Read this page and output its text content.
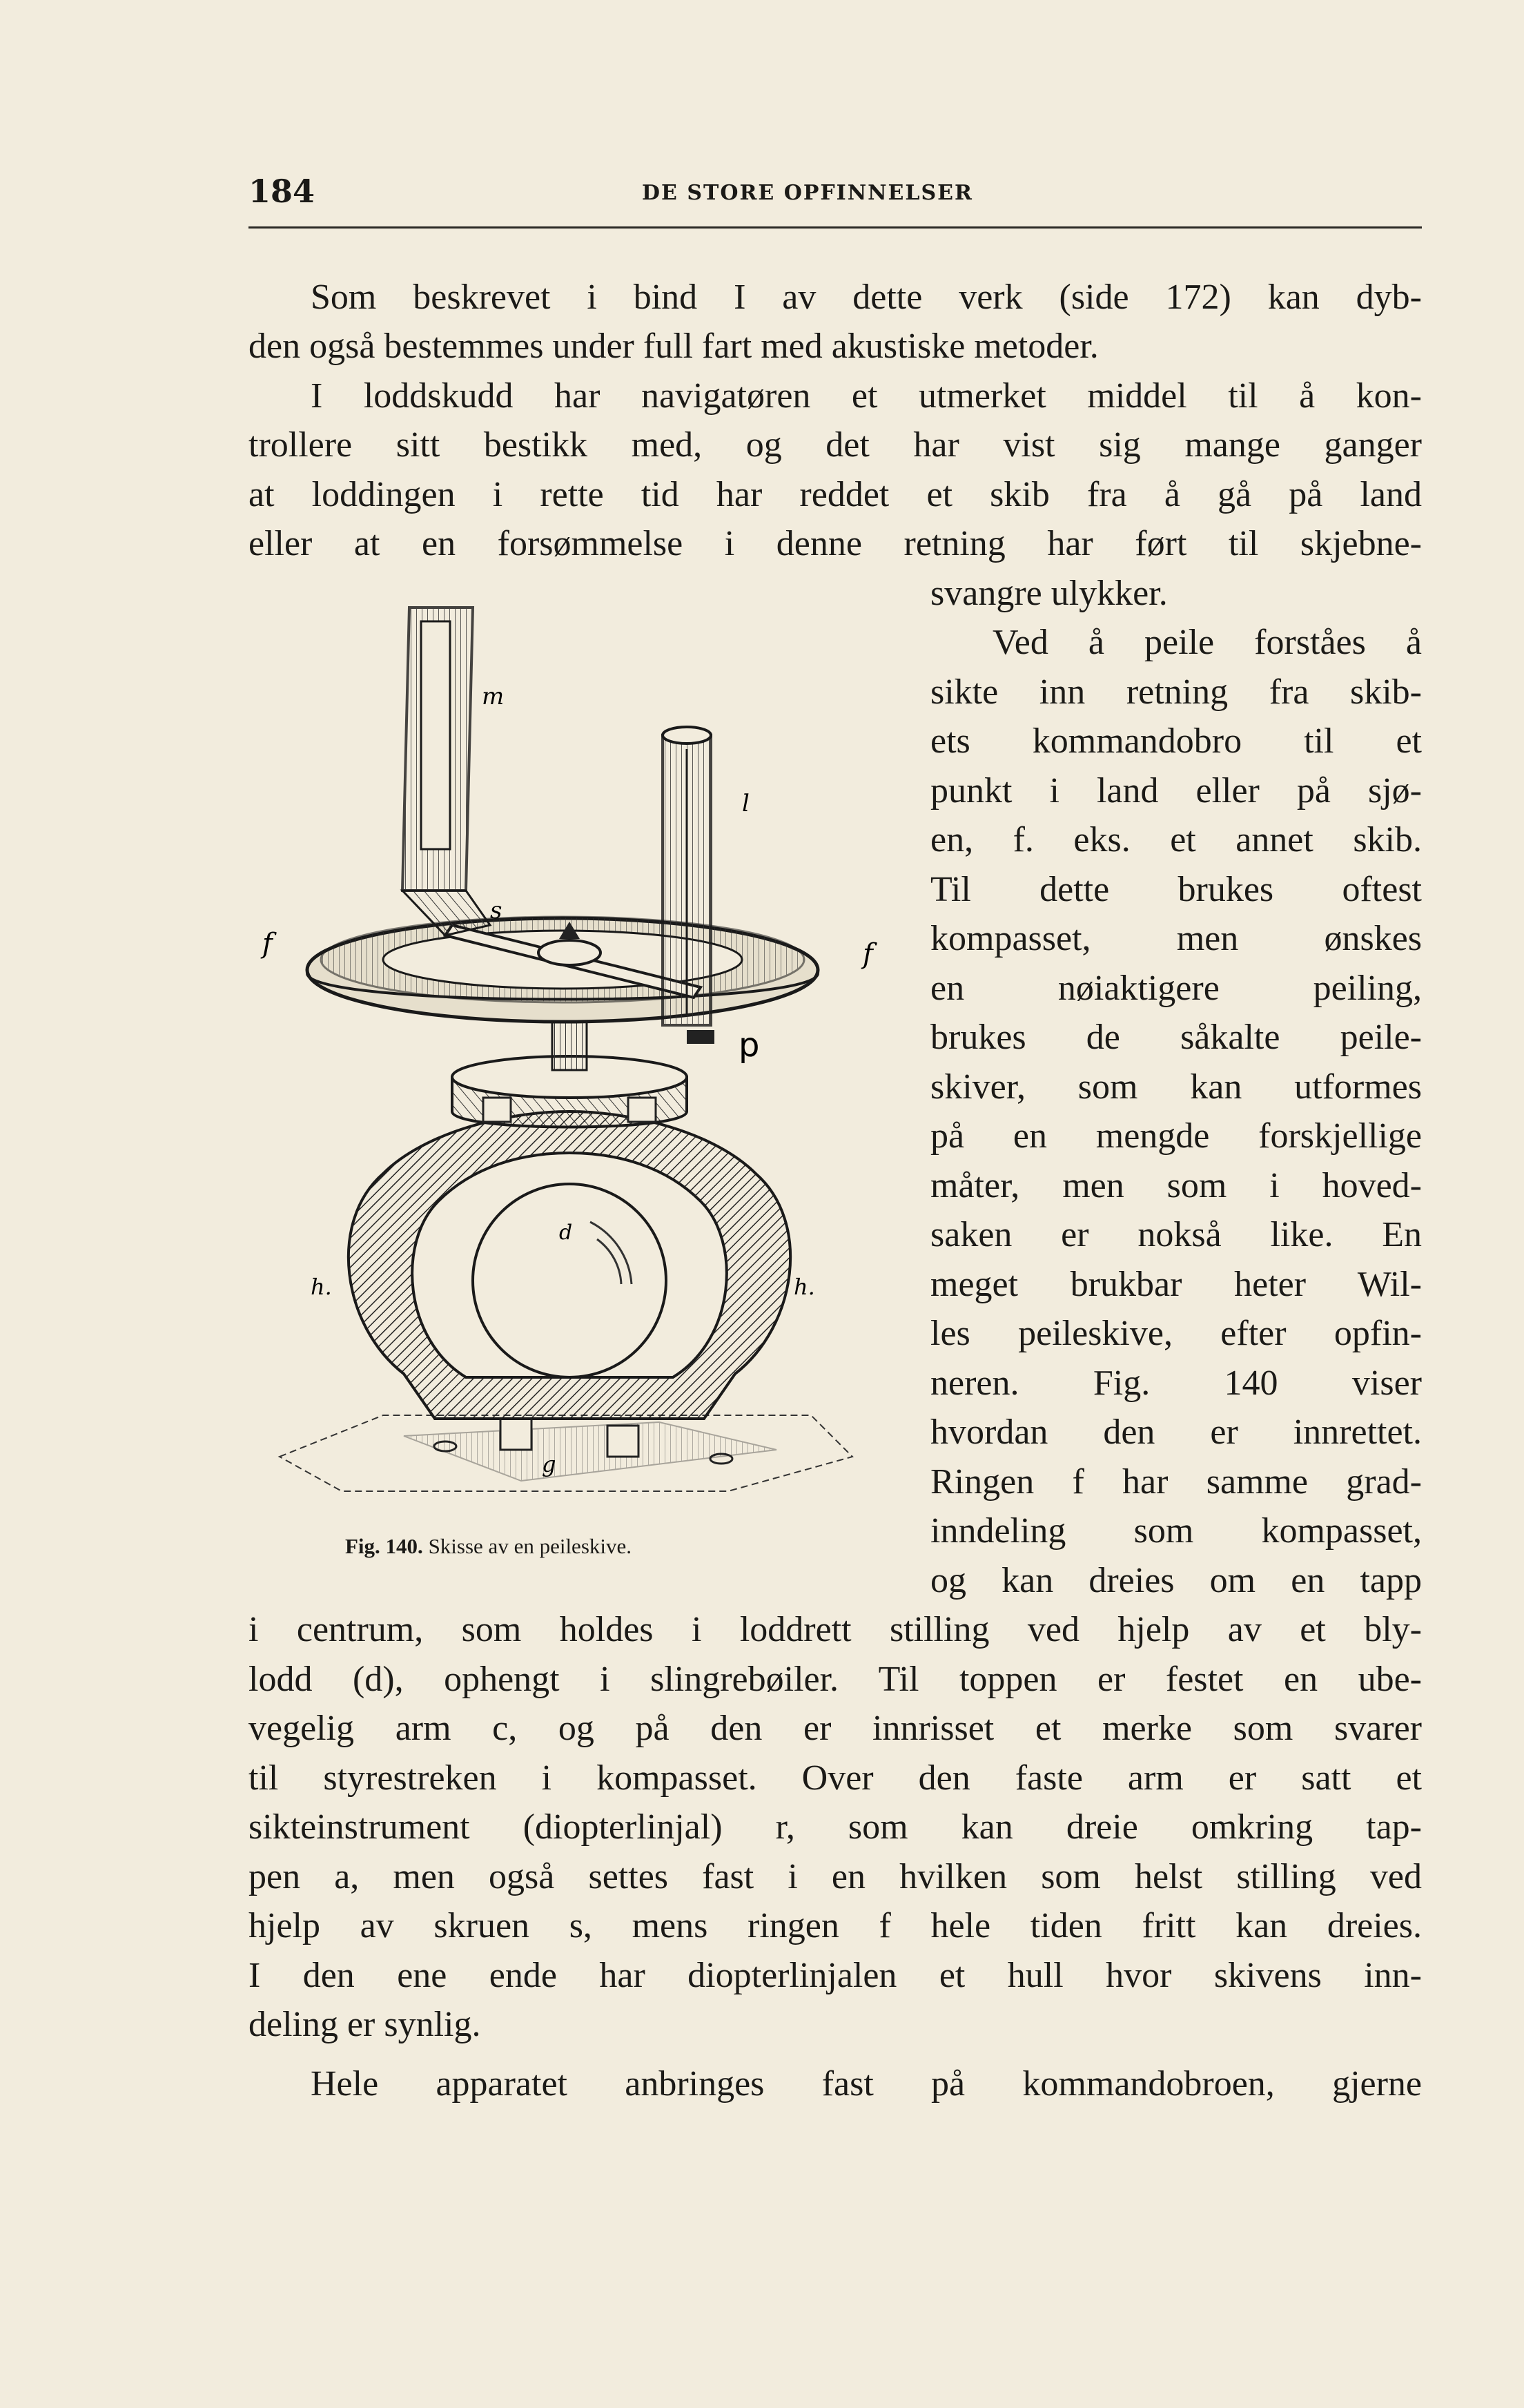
184	DE STORE OPFINNELSER
Som beskrevet i bind I av dette verk (side 172) kan dyb-
den også bestemmes under full fart med akustiske metoder.
I loddskudd har navigatøren et utmerket middel til å kon-
trollere sitt bestikk med, og det har vist sig mange ganger
at loddingen i rette tid har reddet et skib fra å gå på land
eller at en forsømmelse i denne retning har ført til skjebne-
svangre ulykker.
Ved å peile forståes å
sikte inn retning fra skib-
ets kommandobro til et
punkt i land eller på sjø-
en, f. eks. et annet skib.
Til dette brukes oftest
kompasset, men ønskes
en nøiaktigere peiling,
brukes de såkalte peile-
skiver, som kan utformes
på en mengde forskjellige
måter, men som i hoved-
saken er nokså like. En
meget brukbar heter Wil-
les peileskive, efter opfin-
neren. Fig. 140 viser
hvordan den er innrettet.
Ringen f har samme grad-
inndeling som kompasset,
og kan dreies om en tapp
i centrum, som holdes i loddrett stilling ved hjelp av et bly-
lodd (d), ophengt i slingrebøiler. Til toppen er festet en ube-
vegelig arm c, og på den er innrisset et merke som svarer
til styrestreken i kompasset. Over den faste arm er satt et
sikteinstrument (diopterlinjal) r, som kan dreie omkring tap-
pen a, men også settes fast i en hvilken som helst stilling ved
hjelp av skruen s, mens ringen f hele tiden fritt kan dreies.
I den ene ende har diopterlinjalen et hull hvor skivens inn-
deling er synlig.
Hele apparatet anbringes fast på kommandobroen, gjerne
m
l
f	f
s
p
h.	h.
d
g
Fig. 140. Skisse av en peileskive.
